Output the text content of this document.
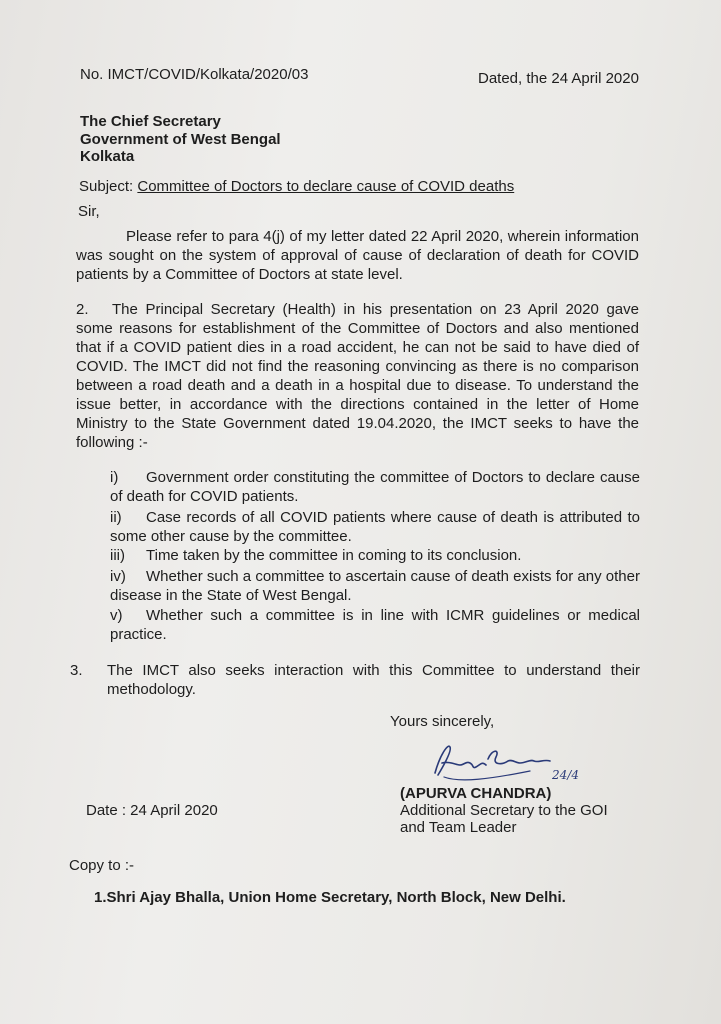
No. IMCT/COVID/Kolkata/2020/03	Dated, the 24 April 2020
The Chief Secretary
Government of West Bengal
Kolkata
Subject: Committee of Doctors to declare cause of COVID deaths
Sir,
Please refer to para 4(j) of my letter dated 22 April 2020, wherein information was sought on the system of approval of cause of declaration of death for COVID patients by a Committee of Doctors at state level.
2.	The Principal Secretary (Health) in his presentation on 23 April 2020 gave some reasons for establishment of the Committee of Doctors and also mentioned that if a COVID patient dies in a road accident, he can not be said to have died of COVID. The IMCT did not find the reasoning convincing as there is no comparison between a road death and a death in a hospital due to disease. To understand the issue better, in accordance with the directions contained in the letter of Home Ministry to the State Government dated 19.04.2020, the IMCT seeks to have the following :-
i)	Government order constituting the committee of Doctors to declare cause of death for COVID patients.
ii)	Case records of all COVID patients where cause of death is attributed to some other cause by the committee.
iii)	Time taken by the committee in coming to its conclusion.
iv)	Whether such a committee to ascertain cause of death exists for any other disease in the State of West Bengal.
v)	Whether such a committee is in line with ICMR guidelines or medical practice.
3. The IMCT also seeks interaction with this Committee to understand their methodology.
Yours sincerely,
24/4
(APURVA CHANDRA)
Additional Secretary to the GOI
and Team Leader
Date : 24 April 2020
Copy to :-
1.Shri Ajay Bhalla, Union Home Secretary, North Block, New Delhi.
